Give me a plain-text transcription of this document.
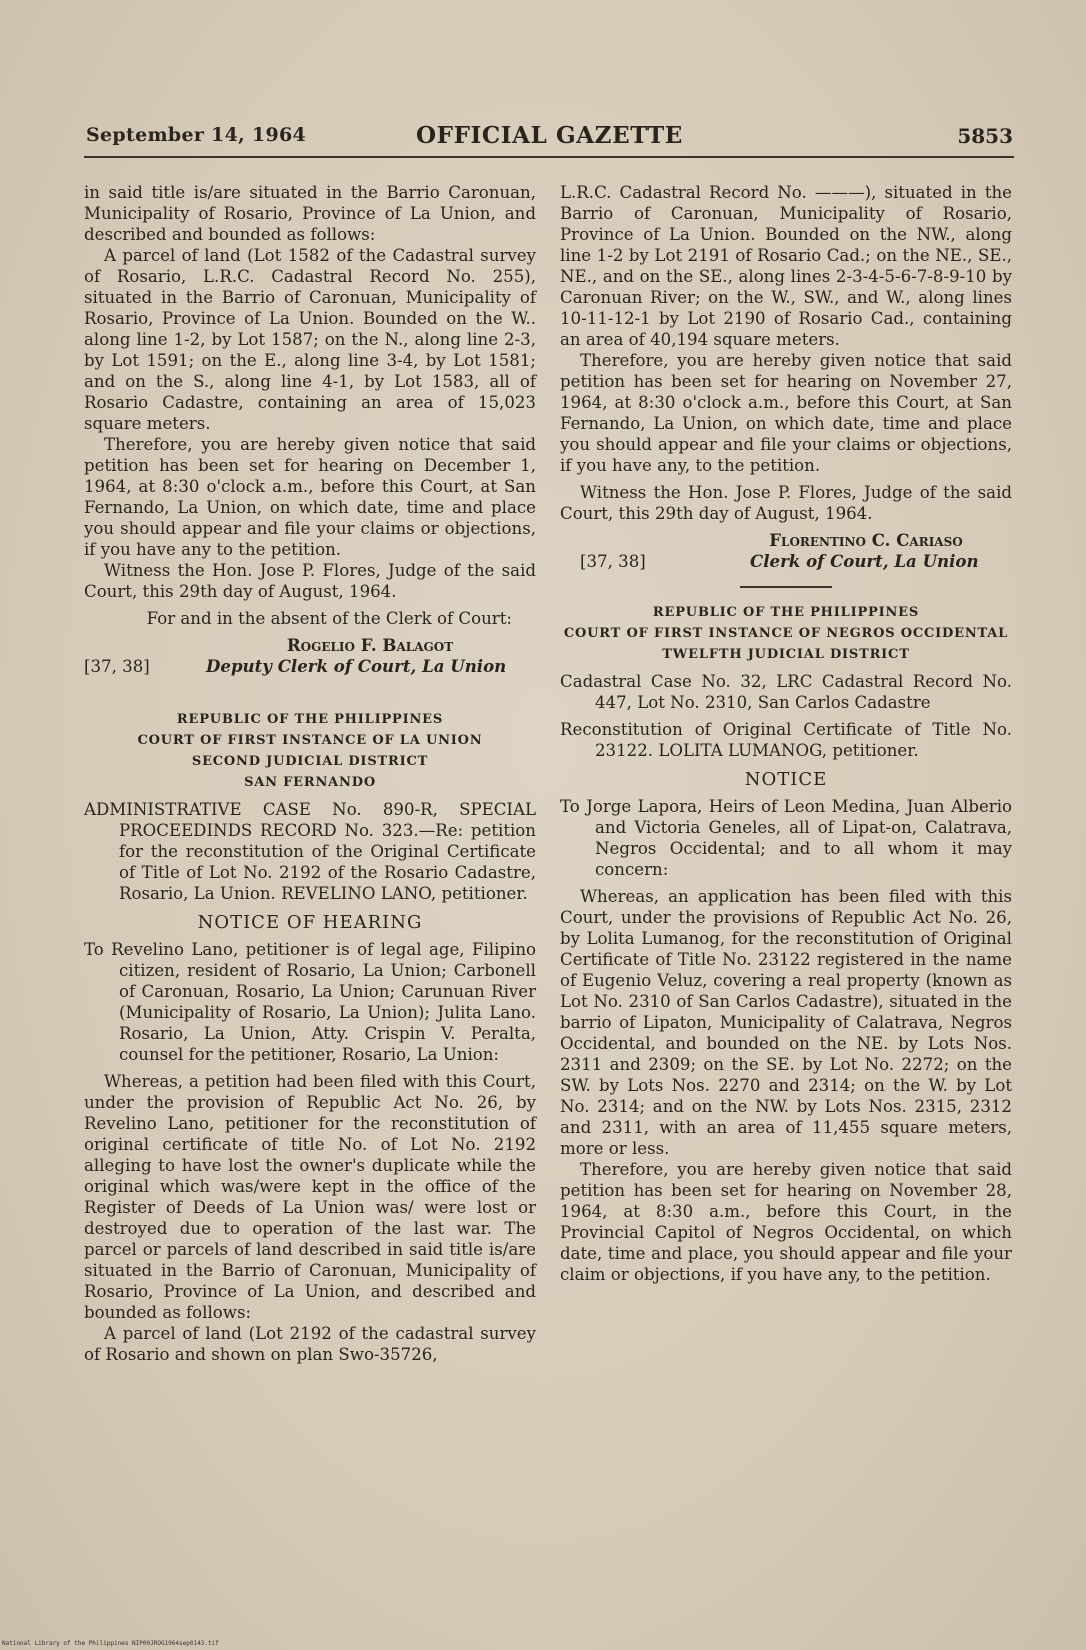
September 14, 1964	OFFICIAL GAZETTE	5853

in said title is/are situated in the Barrio Caronuan, Municipality of Rosario, Province of La Union, and described and bounded as follows:

A parcel of land (Lot 1582 of the Cadastral survey of Rosario, L.R.C. Cadastral Record No. 255), situated in the Barrio of Caronuan, Municipality of Rosario, Province of La Union. Bounded on the W.. along line 1-2, by Lot 1587; on the N., along line 2-3, by Lot 1591; on the E., along line 3-4, by Lot 1581; and on the S., along line 4-1, by Lot 1583, all of Rosario Cadastre, containing an area of 15,023 square meters.

Therefore, you are hereby given notice that said petition has been set for hearing on December 1, 1964, at 8:30 o'clock a.m., before this Court, at San Fernando, La Union, on which date, time and place you should appear and file your claims or objections, if you have any to the petition.

Witness the Hon. Jose P. Flores, Judge of the said Court, this 29th day of August, 1964.

For and in the absent of the Clerk of Court:

Rogelio F. Balagot
[37, 38]	Deputy Clerk of Court, La Union
REPUBLIC OF THE PHILIPPINES
COURT OF FIRST INSTANCE OF LA UNION
SECOND JUDICIAL DISTRICT
SAN FERNANDO

ADMINISTRATIVE CASE No. 890-R, SPECIAL PROCEEDINDS RECORD No. 323.—Re: petition for the reconstitution of the Original Certificate of Title of Lot No. 2192 of the Rosario Cadastre, Rosario, La Union. REVELINO LANO, petitioner.

NOTICE OF HEARING

To Revelino Lano, petitioner is of legal age, Filipino citizen, resident of Rosario, La Union; Carbonell of Caronuan, Rosario, La Union; Carunuan River (Municipality of Rosario, La Union); Julita Lano. Rosario, La Union, Atty. Crispin V. Peralta, counsel for the petitioner, Rosario, La Union:

Whereas, a petition had been filed with this Court, under the provision of Republic Act No. 26, by Revelino Lano, petitioner for the reconstitution of original certificate of title No. of Lot No. 2192 alleging to have lost the owner's duplicate while the original which was/were kept in the office of the Register of Deeds of La Union was/ were lost or destroyed due to operation of the last war. The parcel or parcels of land described in said title is/are situated in the Barrio of Caronuan, Municipality of Rosario, Province of La Union, and described and bounded as follows:

A parcel of land (Lot 2192 of the cadastral survey of Rosario and shown on plan Swo-35726,

L.R.C. Cadastral Record No. ———), situated in the Barrio of Caronuan, Municipality of Rosario, Province of La Union. Bounded on the NW., along line 1-2 by Lot 2191 of Rosario Cad.; on the NE., SE., NE., and on the SE., along lines 2-3-4-5-6-7-8-9-10 by Caronuan River; on the W., SW., and W., along lines 10-11-12-1 by Lot 2190 of Rosario Cad., containing an area of 40,194 square meters.

Therefore, you are hereby given notice that said petition has been set for hearing on November 27, 1964, at 8:30 o'clock a.m., before this Court, at San Fernando, La Union, on which date, time and place you should appear and file your claims or objections, if you have any, to the petition.

Witness the Hon. Jose P. Flores, Judge of the said Court, this 29th day of August, 1964.

Florentino C. Cariaso
[37, 38]	Clerk of Court, La Union
REPUBLIC OF THE PHILIPPINES
COURT OF FIRST INSTANCE OF NEGROS OCCIDENTAL
TWELFTH JUDICIAL DISTRICT

Cadastral Case No. 32, LRC Cadastral Record No. 447, Lot No. 2310, San Carlos Cadastre

Reconstitution of Original Certificate of Title No. 23122. LOLITA LUMANOG, petitioner.

NOTICE

To Jorge Lapora, Heirs of Leon Medina, Juan Alberio and Victoria Geneles, all of Lipat-on, Calatrava, Negros Occidental; and to all whom it may concern:

Whereas, an application has been filed with this Court, under the provisions of Republic Act No. 26, by Lolita Lumanog, for the reconstitution of Original Certificate of Title No. 23122 registered in the name of Eugenio Veluz, covering a real property (known as Lot No. 2310 of San Carlos Cadastre), situated in the barrio of Lipaton, Municipality of Calatrava, Negros Occidental, and bounded on the NE. by Lots Nos. 2311 and 2309; on the SE. by Lot No. 2272; on the SW. by Lots Nos. 2270 and 2314; on the W. by Lot No. 2314; and on the NW. by Lots Nos. 2315, 2312 and 2311, with an area of 11,455 square meters, more or less.

Therefore, you are hereby given notice that said petition has been set for hearing on November 28, 1964, at 8:30 a.m., before this Court, in the Provincial Capitol of Negros Occidental, on which date, time and place, you should appear and file your claim or objections, if you have any, to the petition.

National Library of the Philippines NIP00JROG1964sep0143.tif
